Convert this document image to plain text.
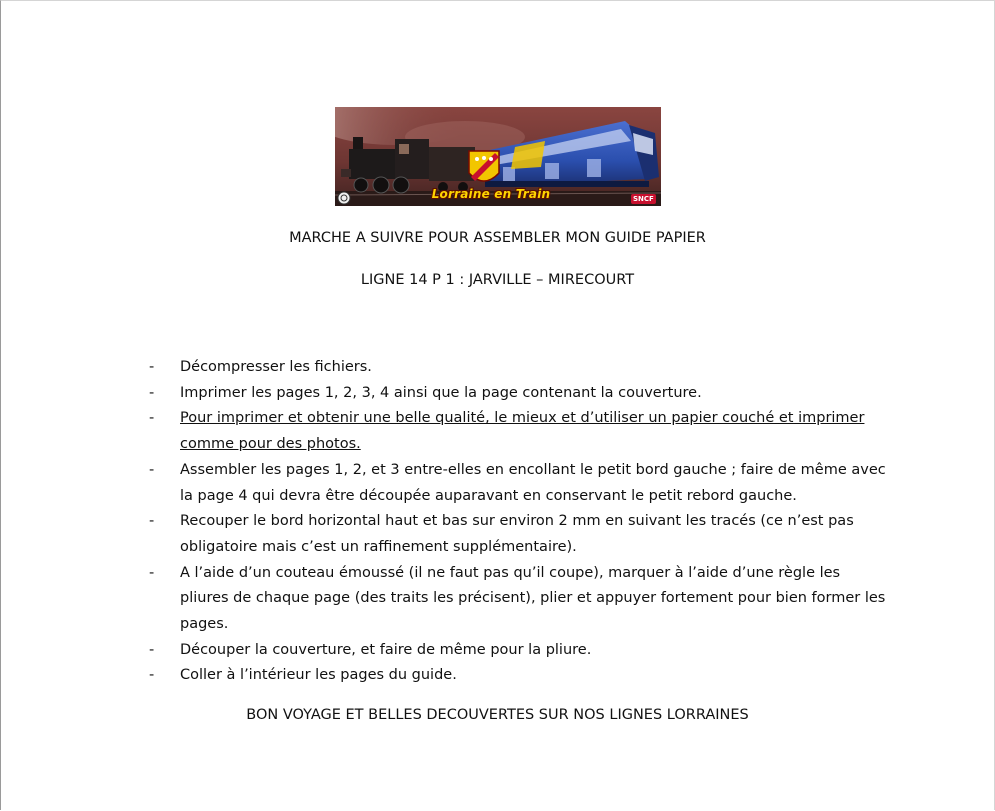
Lorraine en Train	SNCF
MARCHE A SUIVRE POUR ASSEMBLER MON GUIDE PAPIER
LIGNE 14 P 1 : JARVILLE – MIRECOURT
- Décompresser les fichiers.
- Imprimer les pages 1, 2, 3, 4 ainsi que la page contenant la couverture.
- Pour imprimer et obtenir une belle qualité, le mieux et d’utiliser un papier couché et imprimer comme pour des photos.
- Assembler les pages 1, 2, et 3 entre-elles en encollant le petit bord gauche ; faire de même avec la page 4 qui devra être découpée auparavant en conservant le petit rebord gauche.
- Recouper le bord horizontal haut et bas sur environ 2 mm en suivant les tracés (ce n’est pas obligatoire mais c’est un raffinement supplémentaire).
- A l’aide d’un couteau émoussé (il ne faut pas qu’il coupe), marquer à l’aide d’une règle les pliures de chaque page (des traits les précisent), plier et appuyer fortement pour bien former les pages.
- Découper la couverture, et faire de même pour la pliure.
- Coller à l’intérieur les pages du guide.
BON VOYAGE ET BELLES DECOUVERTES SUR NOS LIGNES LORRAINES
